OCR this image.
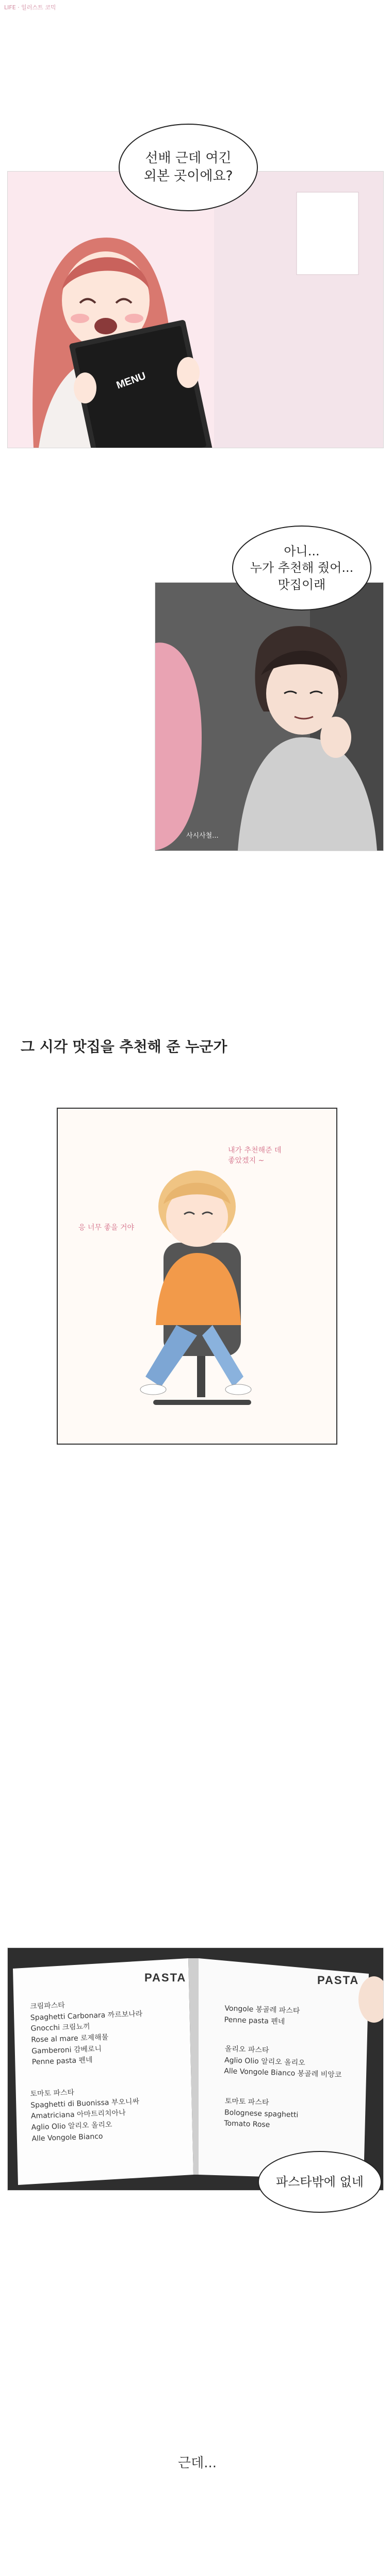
LIFE · 일러스트 코믹
MENU
선배 근데 여긴
외본 곳이에요?
사시사철...
아니...
누가 추천해 줬어...
맛집이래
그 시각 맛집을 추천해 준 누군가
내가 추천해준 데
좋았겠지 ~
응 너무 좋을 거야
PASTA
크림파스타
Spaghetti Carbonara 까르보나라
Gnocchi 크림뇨끼
Rose al mare 로제해물
Gamberoni 감베로니
Penne pasta 펜네
토마토 파스타
Spaghetti di Buonissa 부오니싸
Amatriciana 아마트리치아나
Aglio Olio 알리오 올리오
Alle Vongole Bianco
PASTA
Vongole 봉골레 파스타
Penne pasta 펜네
올리오 파스타
Aglio Olio 알리오 올리오
Alle Vongole Bianco 봉골레 비앙코
토마토 파스타
Bolognese spaghetti
Tomato Rose
파스타밖에 없네
근데...
